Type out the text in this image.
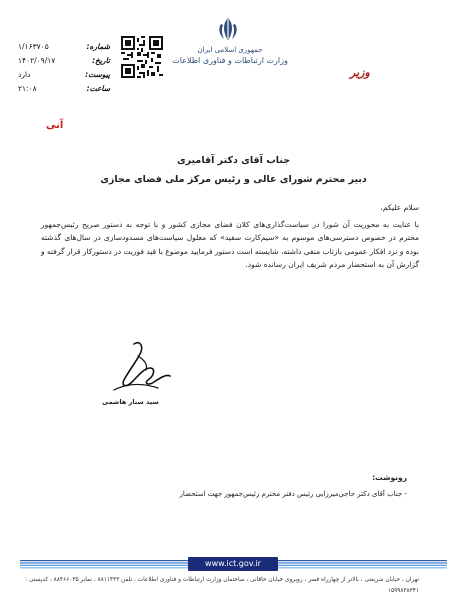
جمهوری اسلامی ایران
وزارت ارتباطات و فناوری اطلاعات
وزیر
شماره:
۱/۱۶۳۷۰۵
تاریخ:
۱۴۰۲/۰۹/۱۷
پیوست:
دارد
ساعت:
۲۱:۰۸
آنی
جناب آقای دکتر آقامیری
دبیر محترم شورای عالی و رئیس مرکز ملی فضای مجازی
سلام علیکم،
با عنایت به محوریت آن شورا در سیاست‌گذاری‌های کلان فضای مجازی کشور و با توجه به دستور صریح رئیس‌جمهور محترم در خصوص دسترسی‌های موسوم به «سیم‌کارت سفید» که معلول سیاست‌های مسدودسازی در سال‌های گذشته بوده و نزد افکار عمومی بازتاب منفی داشته، شایسته است دستور فرمایید موضوع با قید فوریت در دستورکار قرار گرفته و گزارش آن به استحضار مردم شریف ایران رسانده شود.
سید ستار هاشمی
رونوشت:
- جناب آقای دکتر حاجی‌میرزایی رئیس دفتر محترم رئیس‌جمهور جهت استحضار
www.ict.gov.ir
تهران ، خیابان شریعتی ، بالاتر از چهارراه قصر ، روبروی خیابان خاقانی ، ساختمان وزارت ارتباطات و فناوری اطلاعات ، تلفن ۸۸۱۱۴۳۳ ، نمابر ۸۸۴۶۶۰۳۵ ، کدپستی :
۱۵۹۹۸۳۸۳۴۱
